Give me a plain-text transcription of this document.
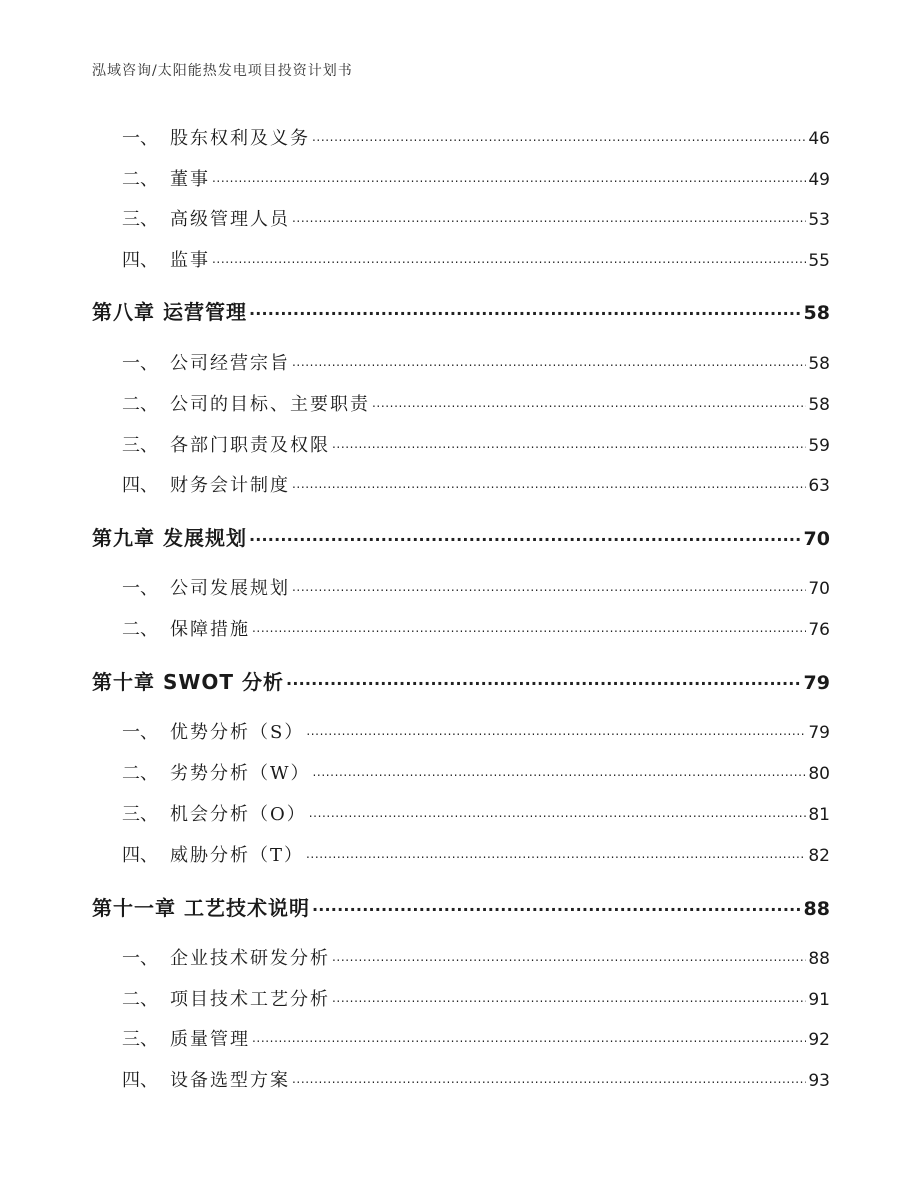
泓域咨询/太阳能热发电项目投资计划书
一、 股东权利及义务 .....	46
二、 董事 .....	49
三、 高级管理人员 .....	53
四、 监事 .....	55
第八章 运营管理 .....	58
一、 公司经营宗旨 .....	58
二、 公司的目标、主要职责 .....	58
三、 各部门职责及权限 .....	59
四、 财务会计制度 .....	63
第九章 发展规划 .....	70
一、 公司发展规划 .....	70
二、 保障措施 .....	76
第十章 SWOT 分析 .....	79
一、 优势分析（S） .....	79
二、 劣势分析（W） .....	80
三、 机会分析（O） .....	81
四、 威胁分析（T） .....	82
第十一章 工艺技术说明 .....	88
一、 企业技术研发分析 .....	88
二、 项目技术工艺分析 .....	91
三、 质量管理 .....	92
四、 设备选型方案 .....	93
